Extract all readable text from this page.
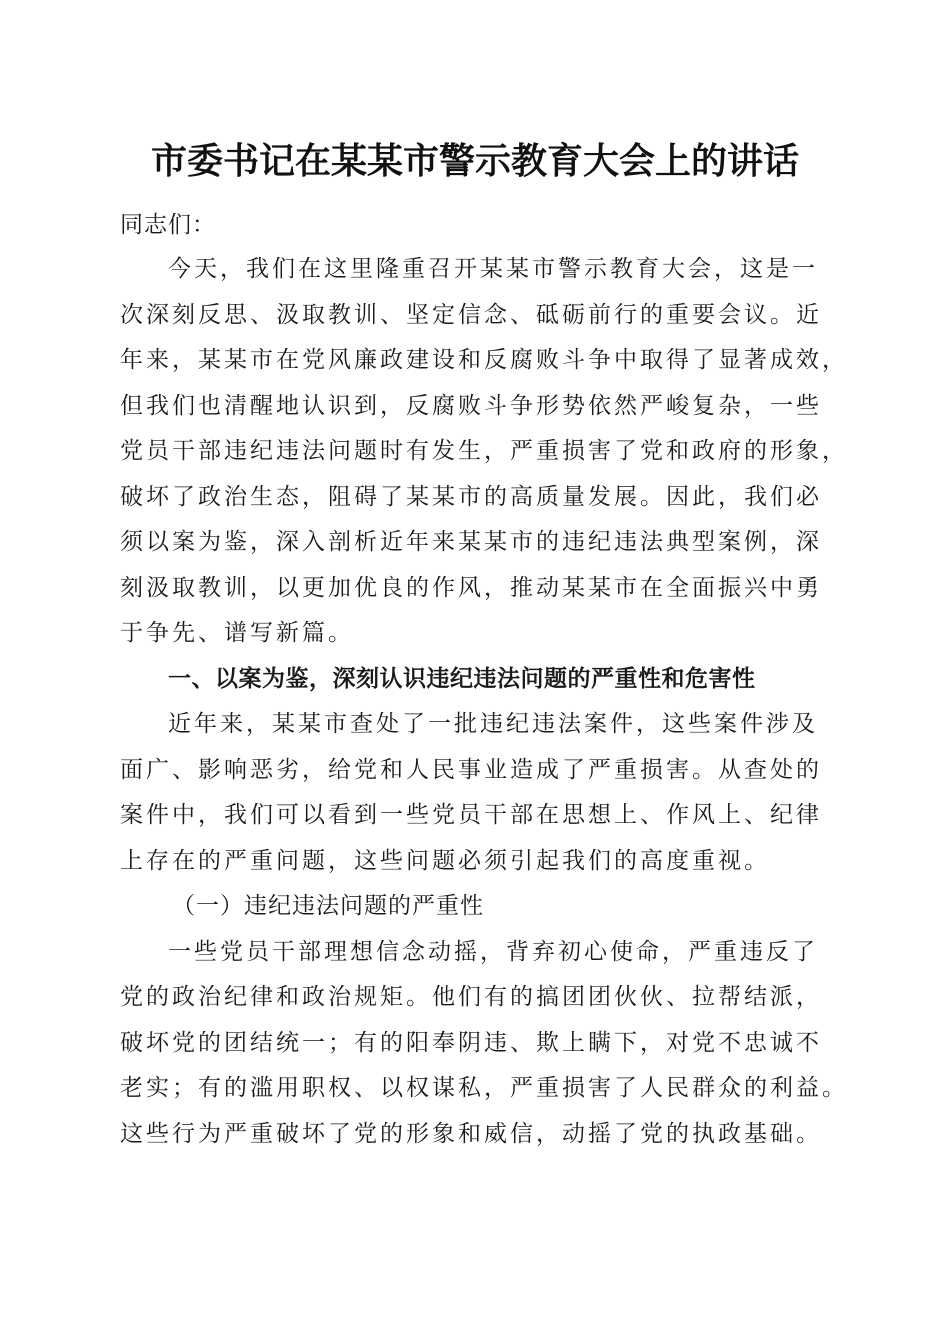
市委书记在某某市警示教育大会上的讲话

同志们：

今天，我们在这里隆重召开某某市警示教育大会，这是一
次深刻反思、汲取教训、坚定信念、砥砺前行的重要会议。近
年来，某某市在党风廉政建设和反腐败斗争中取得了显著成效，
但我们也清醒地认识到，反腐败斗争形势依然严峻复杂，一些
党员干部违纪违法问题时有发生，严重损害了党和政府的形象，
破坏了政治生态，阻碍了某某市的高质量发展。因此，我们必
须以案为鉴，深入剖析近年来某某市的违纪违法典型案例，深
刻汲取教训，以更加优良的作风，推动某某市在全面振兴中勇
于争先、谱写新篇。

一、以案为鉴，深刻认识违纪违法问题的严重性和危害性

近年来，某某市查处了一批违纪违法案件，这些案件涉及
面广、影响恶劣，给党和人民事业造成了严重损害。从查处的
案件中，我们可以看到一些党员干部在思想上、作风上、纪律
上存在的严重问题，这些问题必须引起我们的高度重视。

（一）违纪违法问题的严重性

一些党员干部理想信念动摇，背弃初心使命，严重违反了
党的政治纪律和政治规矩。他们有的搞团团伙伙、拉帮结派，
破坏党的团结统一；有的阳奉阴违、欺上瞒下，对党不忠诚不
老实；有的滥用职权、以权谋私，严重损害了人民群众的利益。
这些行为严重破坏了党的形象和威信，动摇了党的执政基础。
